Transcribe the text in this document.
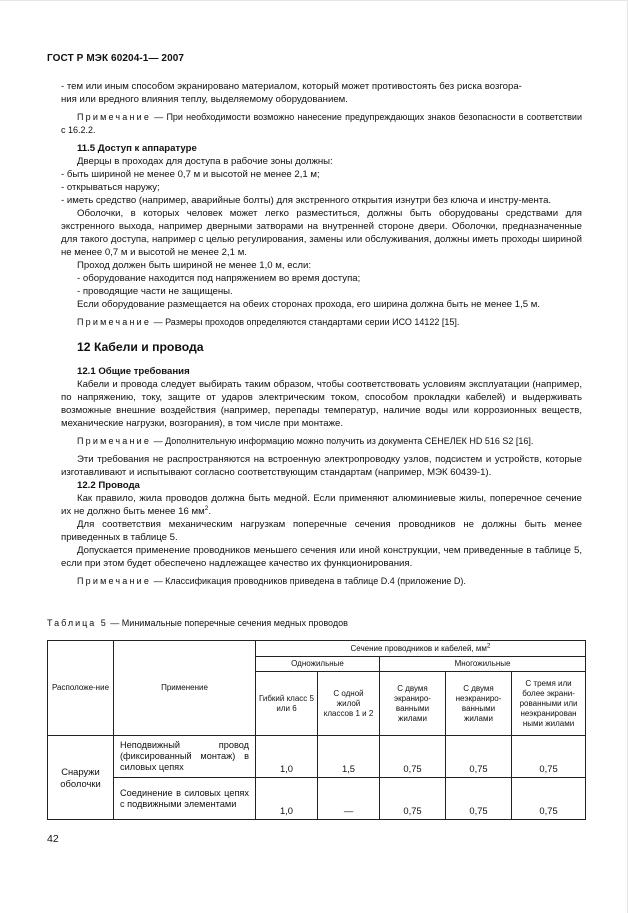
ГОСТ Р МЭК 60204-1— 2007

- тем или иным способом экранировано материалом, который может противостоять без риска возгора-

ния или вредного влияния теплу, выделяемому оборудованием.

Примечание — При необходимости возможно нанесение предупреждающих знаков безопасности в соответствии с 16.2.2.

11.5 Доступ к аппаратуре

Дверцы в проходах для доступа в рабочие зоны должны:

- быть шириной не менее 0,7 м и высотой не менее 2,1 м;

- открываться наружу;

- иметь средство (например, аварийные болты) для экстренного открытия изнутри без ключа и инстру-мента.

Оболочки, в которых человек может легко разместиться, должны быть оборудованы средствами для экстренного выхода, например дверными затворами на внутренней стороне двери. Оболочки, предназначенные для такого доступа, например с целью регулирования, замены или обслуживания, должны иметь проходы шириной не менее 0,7 м и высотой не менее 2,1 м.

Проход должен быть шириной не менее 1,0 м, если:

- оборудование находится под напряжением во время доступа;

- проводящие части не защищены.

Если оборудование размещается на обеих сторонах прохода, его ширина должна быть не менее 1,5 м.

Примечание — Размеры проходов определяются стандартами серии ИСО 14122 [15].

12 Кабели и провода

12.1 Общие требования

Кабели и провода следует выбирать таким образом, чтобы соответствовать условиям эксплуатации (например, по напряжению, току, защите от ударов электрическим током, способом прокладки кабелей) и выдерживать возможные внешние воздействия (например, перепады температур, наличие воды или коррозионных веществ, механические нагрузки, возгорания), в том числе при монтаже.

Примечание — Дополнительную информацию можно получить из документа СЕНЕЛЕК HD 516 S2 [16].

Эти требования не распространяются на встроенную электропроводку узлов, подсистем и устройств, которые изготавливают и испытывают согласно соответствующим стандартам (например, МЭК 60439-1).

12.2 Провода

Как правило, жила проводов должна быть медной. Если применяют алюминиевые жилы, поперечное сечение их не должно быть менее 16 $мм^2$.

Для соответствия механическим нагрузкам поперечные сечения проводников не должны быть менее приведенных в таблице 5.

Допускается применение проводников меньшего сечения или иной конструкции, чем приведенные в таблице 5, если при этом будет обеспечено надлежащее качество их функционирования.

Примечание — Классификация проводников приведена в таблице D.4 (приложение D).

Таблица 5 — Минимальные поперечные сечения медных проводов
Расположе-ние	Применение	Сечение проводников и кабелей, $мм^2$
		Одножильные		Многожильные		
		Гибкий класс 5 или 6	С одной жилой классов 1 и 2	С двумя экраниро-ванными жилами	С двумя неэкраниро-ванными жилами	С тремя или более экрани-рованными или неэкранирован ными жилами
Снаружи оболочки	Неподвижный провод (фиксированный монтаж) в силовых цепях	1,0	1,5	0,75	0,75	0,75
	Соединение в силовых цепях с подвижными элементами	1,0	—	0,75	0,75	0,75
42
